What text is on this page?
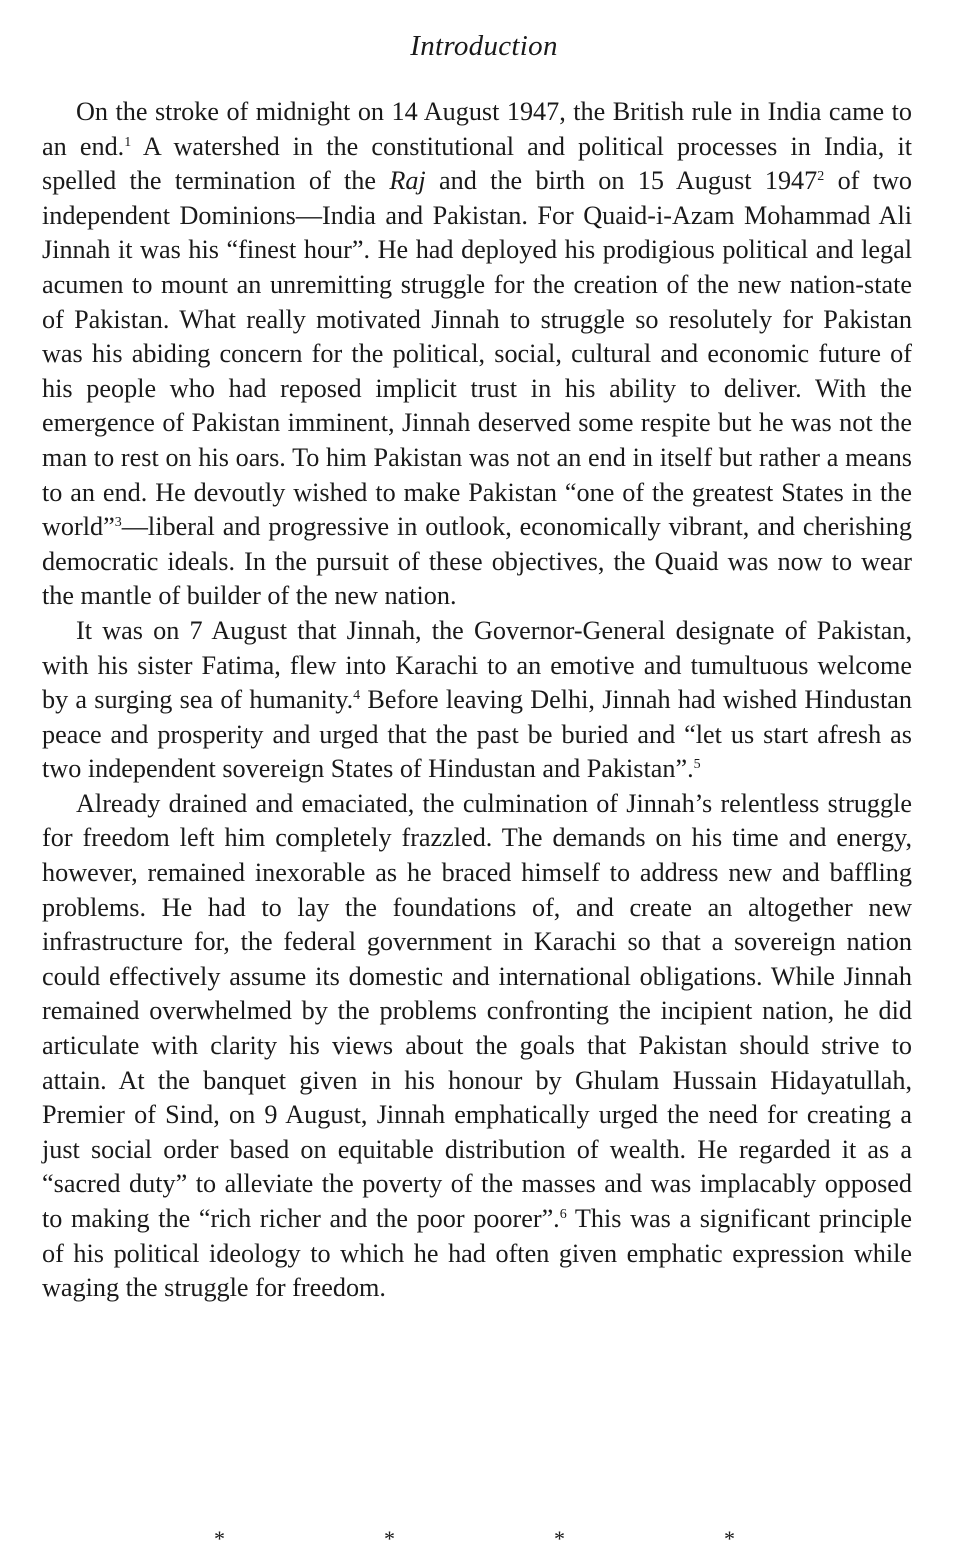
Introduction

On the stroke of midnight on 14 August 1947, the British rule in India came to an end.$^1$ A watershed in the constitutional and political processes in India, it spelled the termination of the Raj and the birth on 15 August 1947$^2$ of two independent Dominions—India and Pakistan. For Quaid-i-Azam Mohammad Ali Jinnah it was his “finest hour”. He had deployed his prodigious political and legal acumen to mount an unremitting struggle for the creation of the new nation-state of Pakistan. What really motivated Jinnah to struggle so resolutely for Pakistan was his abiding concern for the political, social, cultural and economic future of his people who had reposed implicit trust in his ability to deliver. With the emergence of Pakistan imminent, Jinnah deserved some respite but he was not the man to rest on his oars. To him Pakistan was not an end in itself but rather a means to an end. He devoutly wished to make Pakistan “one of the greatest States in the world”$^3$—liberal and progressive in outlook, economically vibrant, and cherishing democratic ideals. In the pursuit of these objectives, the Quaid was now to wear the mantle of builder of the new nation.

It was on 7 August that Jinnah, the Governor-General designate of Pakistan, with his sister Fatima, flew into Karachi to an emotive and tumultuous welcome by a surging sea of humanity.$^4$ Before leaving Delhi, Jinnah had wished Hindustan peace and prosperity and urged that the past be buried and “let us start afresh as two independent sovereign States of Hindustan and Pakistan”.$^5$

Already drained and emaciated, the culmination of Jinnah’s relentless struggle for freedom left him completely frazzled. The demands on his time and energy, however, remained inexorable as he braced himself to address new and baffling problems. He had to lay the foundations of, and create an altogether new infrastructure for, the federal government in Karachi so that a sovereign nation could effectively assume its domestic and international obligations. While Jinnah remained overwhelmed by the problems confronting the incipient nation, he did articulate with clarity his views about the goals that Pakistan should strive to attain. At the banquet given in his honour by Ghulam Hussain Hidayatullah, Premier of Sind, on 9 August, Jinnah emphatically urged the need for creating a just social order based on equitable distribution of wealth. He regarded it as a “sacred duty” to alleviate the poverty of the masses and was implacably opposed to making the “rich richer and the poor poorer”.$^6$ This was a significant principle of his political ideology to which he had often given emphatic expression while waging the struggle for freedom.

*	*	*	*
